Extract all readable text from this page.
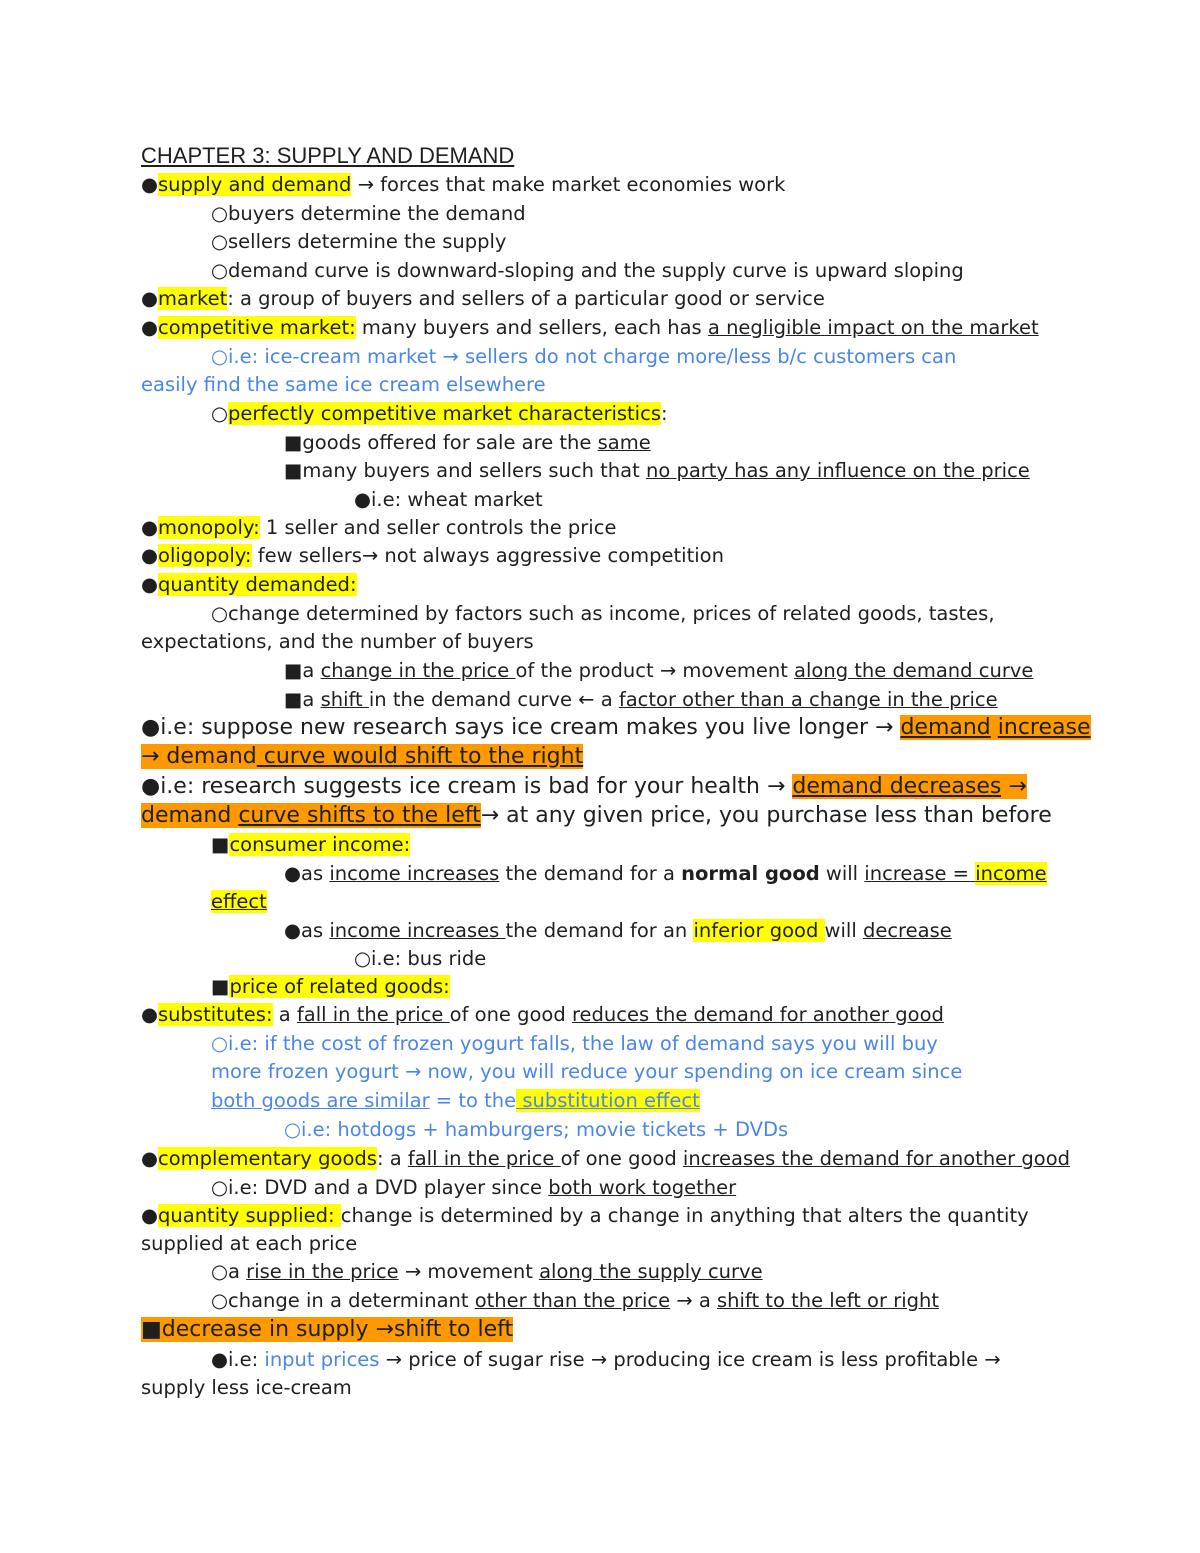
CHAPTER 3: SUPPLY AND DEMAND
●supply and demand → forces that make market economies work
○buyers determine the demand
○sellers determine the supply
○demand curve is downward-sloping and the supply curve is upward sloping
●market: a group of buyers and sellers of a particular good or service
●competitive market: many buyers and sellers, each has a negligible impact on the market
○i.e: ice-cream market → sellers do not charge more/less b/c customers can
easily find the same ice cream elsewhere
○perfectly competitive market characteristics:
■goods offered for sale are the same
■many buyers and sellers such that no party has any influence on the price
●i.e: wheat market
●monopoly: 1 seller and seller controls the price
●oligopoly: few sellers→ not always aggressive competition
●quantity demanded:
○change determined by factors such as income, prices of related goods, tastes,
expectations, and the number of buyers
■a change in the price of the product → movement along the demand curve
■a shift in the demand curve ← a factor other than a change in the price
●i.e: suppose new research says ice cream makes you live longer → demand increase
→ demand curve would shift to the right
●i.e: research suggests ice cream is bad for your health → demand decreases →
demand curve shifts to the left→ at any given price, you purchase less than before
■consumer income:
●as income increases the demand for a normal good will increase = income
effect
●as income increases the demand for an inferior good will decrease
○i.e: bus ride
■price of related goods:
●substitutes: a fall in the price of one good reduces the demand for another good
○i.e: if the cost of frozen yogurt falls, the law of demand says you will buy
more frozen yogurt → now, you will reduce your spending on ice cream since
both goods are similar = to the substitution effect
○i.e: hotdogs + hamburgers; movie tickets + DVDs
●complementary goods: a fall in the price of one good increases the demand for another good
○i.e: DVD and a DVD player since both work together
●quantity supplied: change is determined by a change in anything that alters the quantity
supplied at each price
○a rise in the price → movement along the supply curve
○change in a determinant other than the price → a shift to the left or right
■decrease in supply →shift to left
●i.e: input prices → price of sugar rise → producing ice cream is less profitable →
supply less ice-cream
